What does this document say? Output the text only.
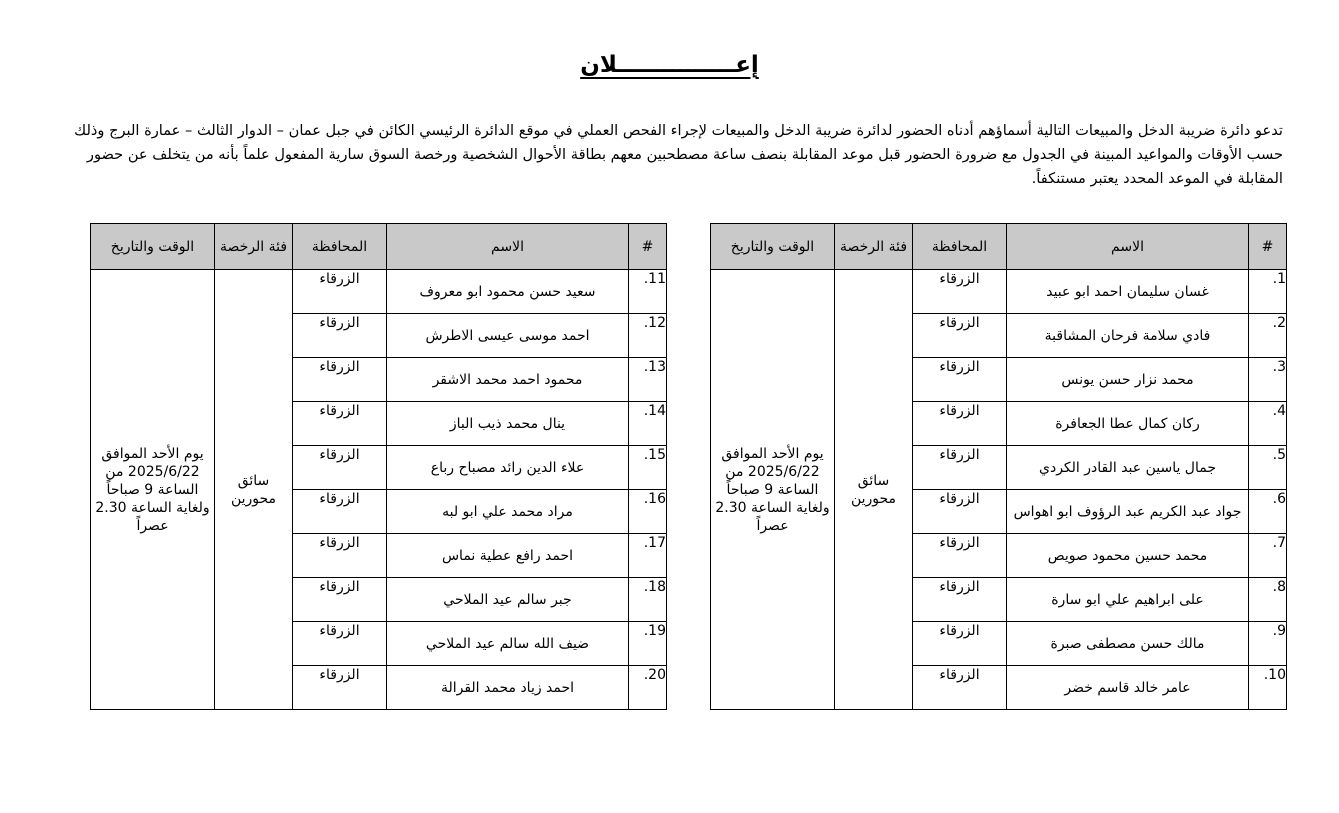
إعـــــــــــــــلان

تدعو دائرة ضريبة الدخل والمبيعات التالية أسماؤهم أدناه الحضور لدائرة ضريبة الدخل والمبيعات لإجراء الفحص العملي في موقع الدائرة الرئيسي الكائن في جبل عمان – الدوار الثالث – عمارة البرج وذلك حسب الأوقات والمواعيد المبينة في الجدول مع ضرورة الحضور قبل موعد المقابلة بنصف ساعة مصطحبين معهم بطاقة الأحوال الشخصية ورخصة السوق سارية المفعول علماً بأنه من يتخلف عن حضور المقابلة في الموعد المحدد يعتبر مستنكفاً.

#	الاسم	المحافظة	فئة الرخصة	الوقت والتاريخ
1.	غسان سليمان احمد ابو عبيد	الزرقاء	سائق محورين	يوم الأحد الموافق 2025/6/22 من الساعة 9 صباحاً ولغاية الساعة 2.30 عصراً
2.	فادي سلامة فرحان المشاقبة	الزرقاء		
3.	محمد نزار حسن يونس	الزرقاء		
4.	ركان كمال عطا الجعافرة	الزرقاء		
5.	جمال ياسين عبد القادر الكردي	الزرقاء		
6.	جواد عبد الكريم عبد الرؤوف ابو اهواس	الزرقاء		
7.	محمد حسين محمود صويص	الزرقاء		
8.	على ابراهيم علي ابو سارة	الزرقاء		
9.	مالك حسن مصطفى صبرة	الزرقاء		
10.	عامر خالد قاسم خضر	الزرقاء		
#	الاسم	المحافظة	فئة الرخصة	الوقت والتاريخ
11.	سعيد حسن محمود ابو معروف	الزرقاء	سائق محورين	يوم الأحد الموافق 2025/6/22 من الساعة 9 صباحاً ولغاية الساعة 2.30 عصراً
12.	احمد موسى عيسى الاطرش	الزرقاء		
13.	محمود احمد محمد الاشقر	الزرقاء		
14.	ينال محمد ذيب الباز	الزرقاء		
15.	علاء الدين رائد مصباح رباع	الزرقاء		
16.	مراد محمد علي ابو لبه	الزرقاء		
17.	احمد رافع عطية نماس	الزرقاء		
18.	جبر سالم عيد الملاحي	الزرقاء		
19.	ضيف الله سالم عيد الملاحي	الزرقاء		
20.	احمد زياد محمد القرالة	الزرقاء		
